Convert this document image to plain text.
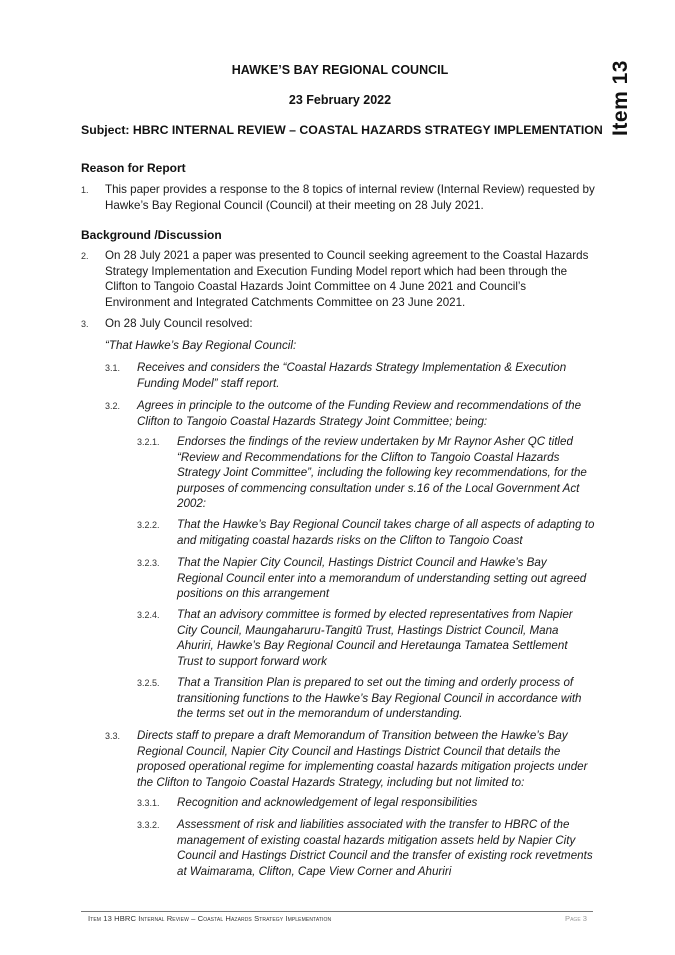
Item 13
HAWKE’S BAY REGIONAL COUNCIL
23 February 2022
Subject: HBRC INTERNAL REVIEW – COASTAL HAZARDS STRATEGY IMPLEMENTATION
Reason for Report
1. This paper provides a response to the 8 topics of internal review (Internal Review) requested by Hawke’s Bay Regional Council (Council) at their meeting on 28 July 2021.
Background /Discussion
2. On 28 July 2021 a paper was presented to Council seeking agreement to the Coastal Hazards Strategy Implementation and Execution Funding Model report which had been through the Clifton to Tangoio Coastal Hazards Joint Committee on 4 June 2021 and Council’s Environment and Integrated Catchments Committee on 23 June 2021.
3. On 28 July Council resolved:
“That Hawke’s Bay Regional Council:
3.1. Receives and considers the “Coastal Hazards Strategy Implementation & Execution Funding Model” staff report.
3.2. Agrees in principle to the outcome of the Funding Review and recommendations of the Clifton to Tangoio Coastal Hazards Strategy Joint Committee; being:
3.2.1. Endorses the findings of the review undertaken by Mr Raynor Asher QC titled “Review and Recommendations for the Clifton to Tangoio Coastal Hazards Strategy Joint Committee”, including the following key recommendations, for the purposes of commencing consultation under s.16 of the Local Government Act 2002:
3.2.2. That the Hawke’s Bay Regional Council takes charge of all aspects of adapting to and mitigating coastal hazards risks on the Clifton to Tangoio Coast
3.2.3. That the Napier City Council, Hastings District Council and Hawke’s Bay Regional Council enter into a memorandum of understanding setting out agreed positions on this arrangement
3.2.4. That an advisory committee is formed by elected representatives from Napier City Council, Maungaharuru-Tangitū Trust, Hastings District Council, Mana Ahuriri, Hawke’s Bay Regional Council and Heretaunga Tamatea Settlement Trust to support forward work
3.2.5. That a Transition Plan is prepared to set out the timing and orderly process of transitioning functions to the Hawke’s Bay Regional Council in accordance with the terms set out in the memorandum of understanding.
3.3. Directs staff to prepare a draft Memorandum of Transition between the Hawke’s Bay Regional Council, Napier City Council and Hastings District Council that details the proposed operational regime for implementing coastal hazards mitigation projects under the Clifton to Tangoio Coastal Hazards Strategy, including but not limited to:
3.3.1. Recognition and acknowledgement of legal responsibilities
3.3.2. Assessment of risk and liabilities associated with the transfer to HBRC of the management of existing coastal hazards mitigation assets held by Napier City Council and Hastings District Council and the transfer of existing rock revetments at Waimarama, Clifton, Cape View Corner and Ahuriri
Item 13 HBRC Internal Review – Coastal Hazards Strategy Implementation	Page 3
